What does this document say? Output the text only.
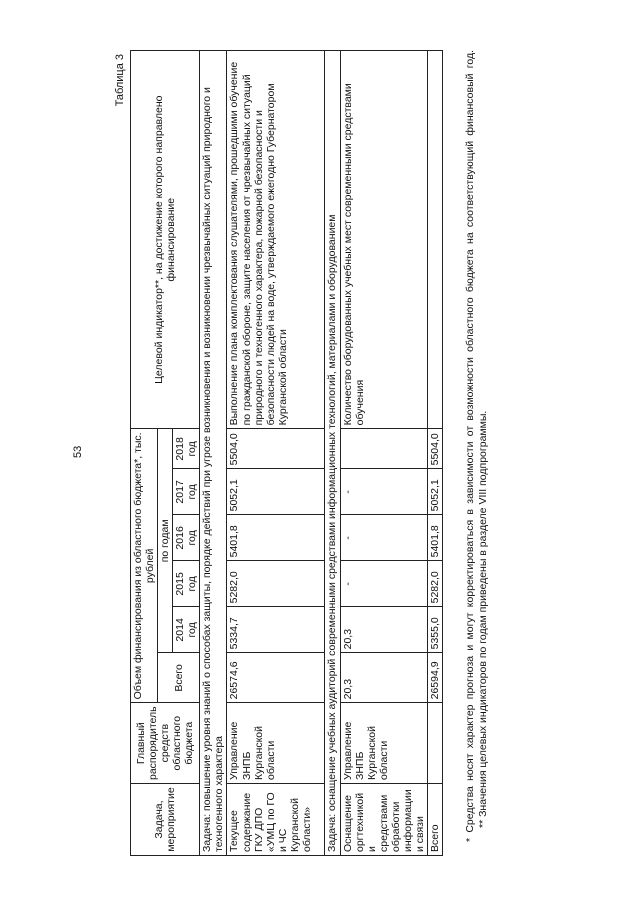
53
Таблица 3
Задача, мероприятие	Главный распорядитель средств областного бюджета	Объем финансирования из областного бюджета*, тыс. рублей						Целевой индикатор**, на достижение которого направлено финансирование
		Всего	по годам					
			2014 год	2015 год	2016 год	2017 год	2018 год	
Задача: повышение уровня знаний о способах защиты, порядке действий при угрозе возникновения и возникновении чрезвычайных ситуаций природного и техногенного характера								
Текущее содержание ГКУ ДПО «УМЦ по ГО и ЧС Курганской области»	Управление ЗНПБ Курганской области	26574,6	5334,7	5282,0	5401,8	5052,1	5504,0	Выполнение плана комплектования слушателями, прошедшими обучение по гражданской обороне, защите населения от чрезвычайных ситуаций природного и техногенного характера, пожарной безопасности и безопасности людей на воде, утверждаемого ежегодно Губернатором Курганской области
Задача: оснащение учебных аудиторий современными средствами информационных технологий, материалами и оборудованием								
Оснащение оргтехникой и средствами обработки информации и связи	Управление ЗНПБ Курганской области	20,3	20,3	-	-	-		Количество оборудованных учебных мест современными средствами обучения
Всего		26594,9	5355,0	5282,0	5401,8	5052,1	5504,0	* Средства носят характер прогноза и могут корректироваться в зависимости от возможности областного бюджета на соответствующий финансовый год. ** Значения целевых индикаторов по годам приведены в разделе VIII подпрограммы.
